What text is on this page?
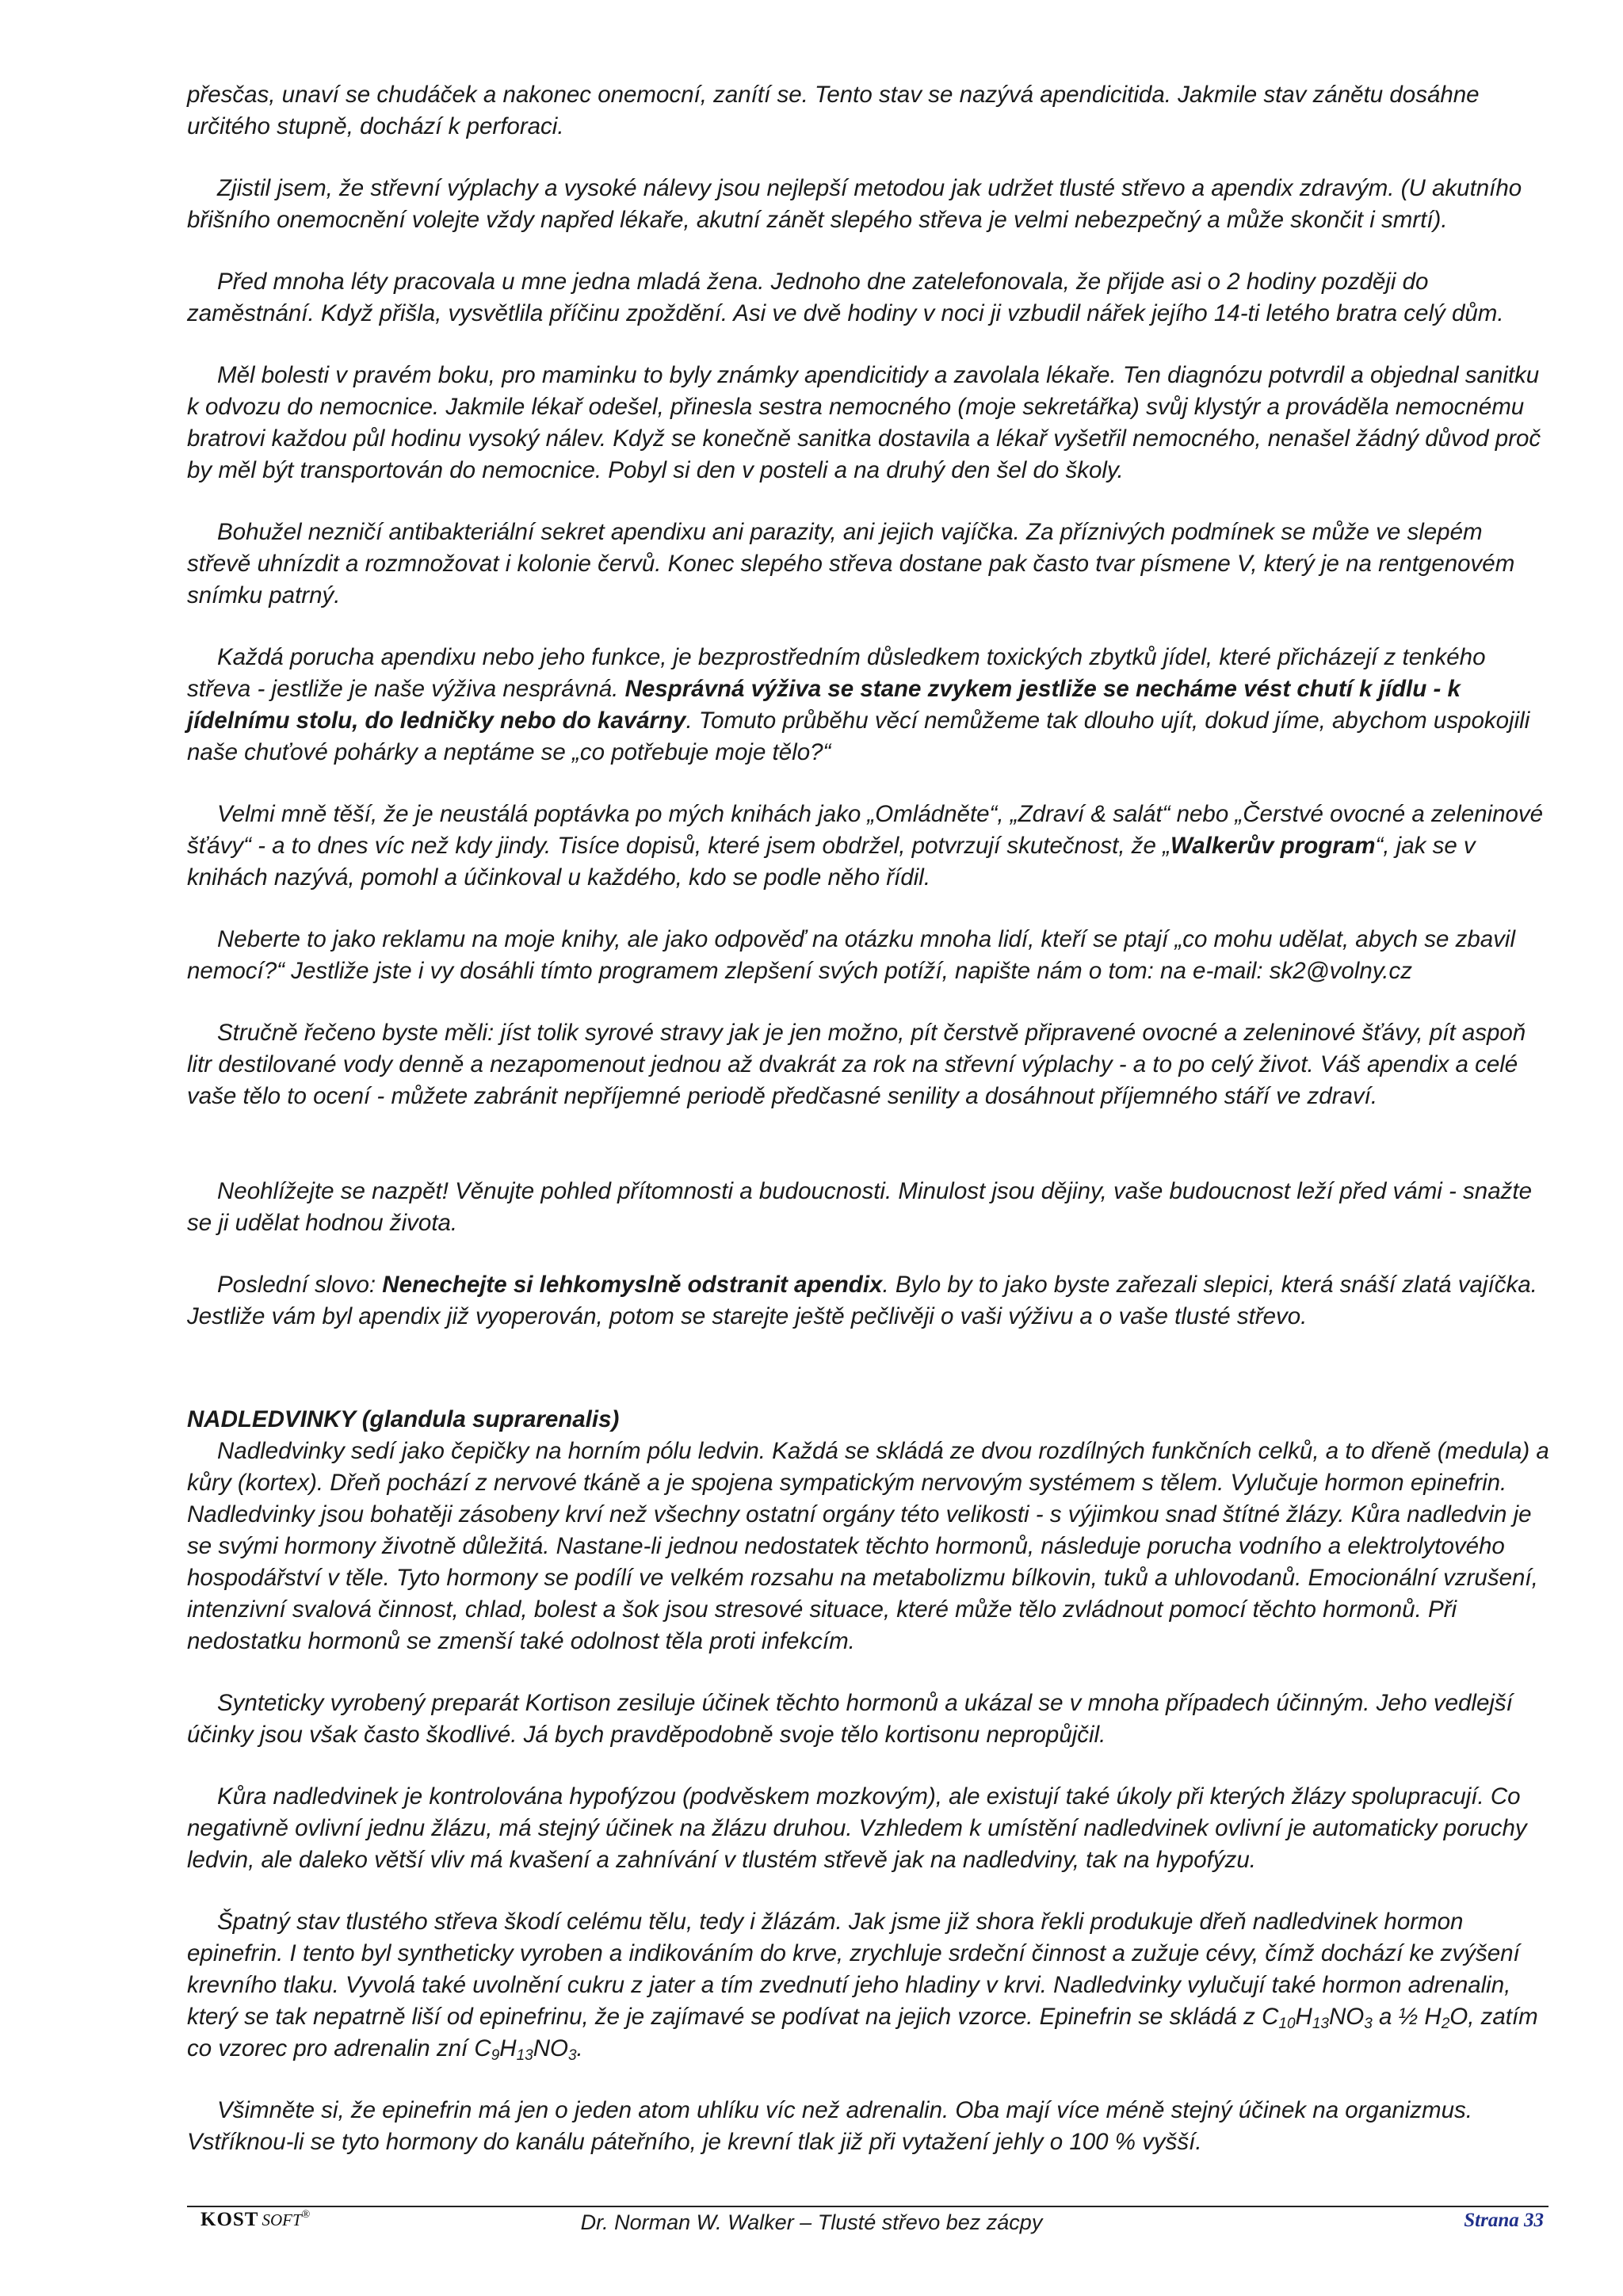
přesčas, unaví se chudáček a nakonec onemocní, zanítí se. Tento stav se nazývá apendicitida. Jakmile stav zánětu dosáhne určitého stupně, dochází k perforaci.

Zjistil jsem, že střevní výplachy a vysoké nálevy jsou nejlepší metodou jak udržet tlusté střevo a apendix zdravým. (U akutního břišního onemocnění volejte vždy napřed lékaře, akutní zánět slepého střeva je velmi nebezpečný a může skončit i smrtí).

Před mnoha léty pracovala u mne jedna mladá žena. Jednoho dne zatelefonovala, že přijde asi o 2 hodiny později do zaměstnání. Když přišla, vysvětlila příčinu zpoždění. Asi ve dvě hodiny v noci ji vzbudil nářek jejího 14-ti letého bratra celý dům.

Měl bolesti v pravém boku, pro maminku to byly známky apendicitidy a zavolala lékaře. Ten diagnózu potvrdil a objednal sanitku k odvozu do nemocnice. Jakmile lékař odešel, přinesla sestra nemocného (moje sekretářka) svůj klystýr a prováděla nemocnému bratrovi každou půl hodinu vysoký nálev. Když se konečně sanitka dostavila a lékař vyšetřil nemocného, nenašel žádný důvod proč by měl být transportován do nemocnice. Pobyl si den v posteli a na druhý den šel do školy.

Bohužel nezničí antibakteriální sekret apendixu ani parazity, ani jejich vajíčka. Za příznivých podmínek se může ve slepém střevě uhnízdit a rozmnožovat i kolonie červů. Konec slepého střeva dostane pak často tvar písmene V, který je na rentgenovém snímku patrný.

Každá porucha apendixu nebo jeho funkce, je bezprostředním důsledkem toxických zbytků jídel, které přicházejí z tenkého střeva - jestliže je naše výživa nesprávná. Nesprávná výživa se stane zvykem jestliže se necháme vést chutí k jídlu - k jídelnímu stolu, do ledničky nebo do kavárny. Tomuto průběhu věcí nemůžeme tak dlouho ujít, dokud jíme, abychom uspokojili naše chuťové pohárky a neptáme se „co potřebuje moje tělo?“

Velmi mně těší, že je neustálá poptávka po mých knihách jako „Omládněte“, „Zdraví & salát“ nebo „Čerstvé ovocné a zeleninové šťávy“ - a to dnes víc než kdy jindy. Tisíce dopisů, které jsem obdržel, potvrzují skutečnost, že „Walkerův program“, jak se v knihách nazývá, pomohl a účinkoval u každého, kdo se podle něho řídil.

Neberte to jako reklamu na moje knihy, ale jako odpověď na otázku mnoha lidí, kteří se ptají „co mohu udělat, abych se zbavil nemocí?“ Jestliže jste i vy dosáhli tímto programem zlepšení svých potíží, napište nám o tom: na e-mail: sk2@volny.cz

Stručně řečeno byste měli: jíst tolik syrové stravy jak je jen možno, pít čerstvě připravené ovocné a zeleninové šťávy, pít aspoň litr destilované vody denně a nezapomenout jednou až dvakrát za rok na střevní výplachy - a to po celý život. Váš apendix a celé vaše tělo to ocení - můžete zabránit nepříjemné periodě předčasné senility a dosáhnout příjemného stáří ve zdraví.

Neohlížejte se nazpět! Věnujte pohled přítomnosti a budoucnosti. Minulost jsou dějiny, vaše budoucnost leží před vámi - snažte se ji udělat hodnou života.

Poslední slovo: Nenechejte si lehkomyslně odstranit apendix. Bylo by to jako byste zařezali slepici, která snáší zlatá vajíčka. Jestliže vám byl apendix již vyoperován, potom se starejte ještě pečlivěji o vaši výživu a o vaše tlusté střevo.

NADLEDVINKY (glandula suprarenalis)

Nadledvinky sedí jako čepičky na horním pólu ledvin. Každá se skládá ze dvou rozdílných funkčních celků, a to dřeně (medula) a kůry (kortex). Dřeň pochází z nervové tkáně a je spojena sympatickým nervovým systémem s tělem. Vylučuje hormon epinefrin. Nadledvinky jsou bohatěji zásobeny krví než všechny ostatní orgány této velikosti - s výjimkou snad štítné žlázy. Kůra nadledvin je se svými hormony životně důležitá. Nastane-li jednou nedostatek těchto hormonů, následuje porucha vodního a elektrolytového hospodářství v těle. Tyto hormony se podílí ve velkém rozsahu na metabolizmu bílkovin, tuků a uhlovodanů. Emocionální vzrušení, intenzivní svalová činnost, chlad, bolest a šok jsou stresové situace, které může tělo zvládnout pomocí těchto hormonů. Při nedostatku hormonů se zmenší také odolnost těla proti infekcím.

Synteticky vyrobený preparát Kortison zesiluje účinek těchto hormonů a ukázal se v mnoha případech účinným. Jeho vedlejší účinky jsou však často škodlivé. Já bych pravděpodobně svoje tělo kortisonu nepropůjčil.

Kůra nadledvinek je kontrolována hypofýzou (podvěskem mozkovým), ale existují také úkoly při kterých žlázy spolupracují. Co negativně ovlivní jednu žlázu, má stejný účinek na žlázu druhou. Vzhledem k umístění nadledvinek ovlivní je automaticky poruchy ledvin, ale daleko větší vliv má kvašení a zahnívání v tlustém střevě jak na nadledviny, tak na hypofýzu.

Špatný stav tlustého střeva škodí celému tělu, tedy i žlázám. Jak jsme již shora řekli produkuje dřeň nadledvinek hormon epinefrin. I tento byl syntheticky vyroben a indikováním do krve, zrychluje srdeční činnost a zužuje cévy, čímž dochází ke zvýšení krevního tlaku. Vyvolá také uvolnění cukru z jater a tím zvednutí jeho hladiny v krvi. Nadledvinky vylučují také hormon adrenalin, který se tak nepatrně liší od epinefrinu, že je zajímavé se podívat na jejich vzorce. Epinefrin se skládá z $C_{10}H_{13}NO_3$ a ½ $H_2O$, zatím co vzorec pro adrenalin zní $C_9H_{13}NO_3$.

Všimněte si, že epinefrin má jen o jeden atom uhlíku víc než adrenalin. Oba mají více méně stejný účinek na organizmus. Vstříknou-li se tyto hormony do kanálu páteřního, je krevní tlak již při vytažení jehly o 100 % vyšší.

KOST SOFT®	Dr. Norman W. Walker – Tlusté střevo bez zácpy	Strana 33
